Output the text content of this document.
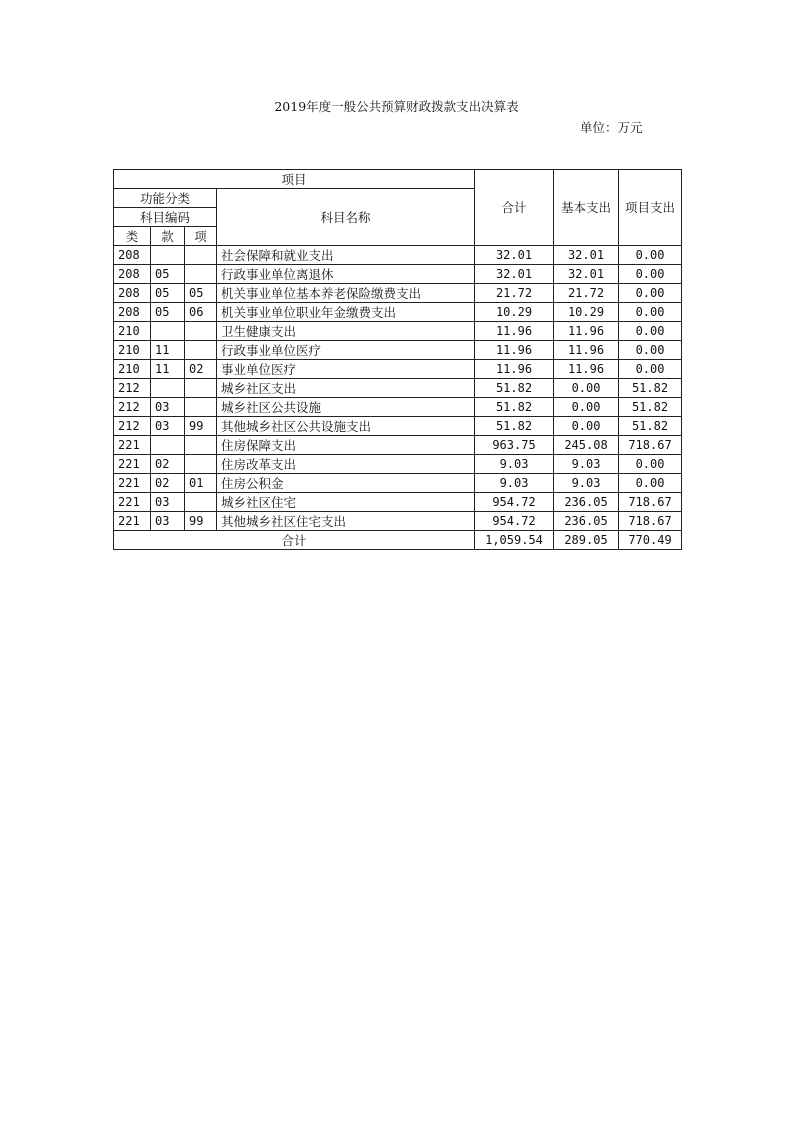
2019年度一般公共预算财政拨款支出决算表
单位：万元
项目				合计	基本支出	项目支出
功能分类			科目名称			
科目编码						
类	款	项				
208			社会保障和就业支出	32.01	32.01	0.00
208	05		行政事业单位离退休	32.01	32.01	0.00
208	05	05	机关事业单位基本养老保险缴费支出	21.72	21.72	0.00
208	05	06	机关事业单位职业年金缴费支出	10.29	10.29	0.00
210			卫生健康支出	11.96	11.96	0.00
210	11		行政事业单位医疗	11.96	11.96	0.00
210	11	02	事业单位医疗	11.96	11.96	0.00
212			城乡社区支出	51.82	0.00	51.82
212	03		城乡社区公共设施	51.82	0.00	51.82
212	03	99	其他城乡社区公共设施支出	51.82	0.00	51.82
221			住房保障支出	963.75	245.08	718.67
221	02		住房改革支出	9.03	9.03	0.00
221	02	01	住房公积金	9.03	9.03	0.00
221	03		城乡社区住宅	954.72	236.05	718.67
221	03	99	其他城乡社区住宅支出	954.72	236.05	718.67
合计				1,059.54	289.05	770.49
